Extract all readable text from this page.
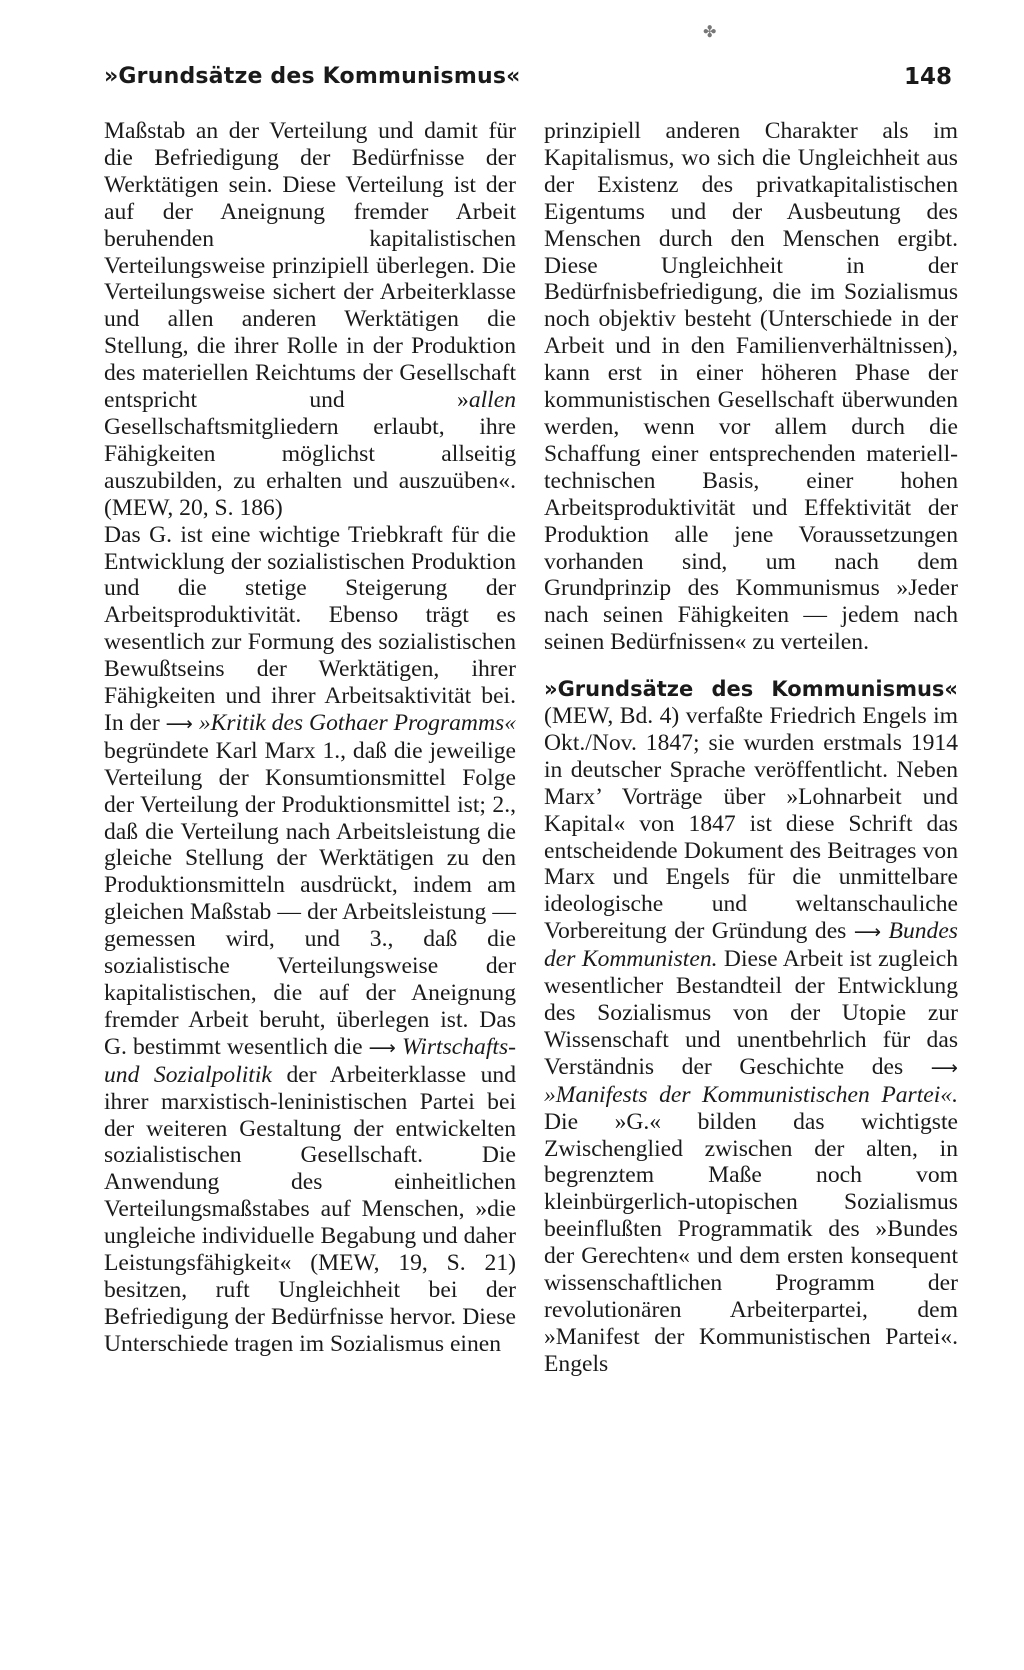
✤
»Grundsätze des Kommunismus«	148

Maßstab an der Verteilung und damit für die Befriedigung der Bedürfnisse der Werktätigen sein. Diese Verteilung ist der auf der Aneignung fremder Arbeit beruhenden kapitalistischen Verteilungsweise prinzipiell überlegen. Die Verteilungsweise sichert der Arbeiterklasse und allen anderen Werktätigen die Stellung, die ihrer Rolle in der Produktion des materiellen Reichtums der Gesellschaft entspricht und »allen Gesellschaftsmitgliedern erlaubt, ihre Fähigkeiten möglichst allseitig auszubilden, zu erhalten und auszuüben«. (MEW, 20, S. 186)

Das G. ist eine wichtige Triebkraft für die Entwicklung der sozialistischen Produktion und die stetige Steigerung der Arbeitsproduktivität. Ebenso trägt es wesentlich zur Formung des sozialistischen Bewußtseins der Werktätigen, ihrer Fähigkeiten und ihrer Arbeitsaktivität bei. In der ⟶ »Kritik des Gothaer Programms« begründete Karl Marx 1., daß die jeweilige Verteilung der Konsumtionsmittel Folge der Verteilung der Produktionsmittel ist; 2., daß die Verteilung nach Arbeitsleistung die gleiche Stellung der Werktätigen zu den Produktionsmitteln ausdrückt, indem am gleichen Maßstab — der Arbeitsleistung — gemessen wird, und 3., daß die sozialistische Verteilungsweise der kapitalistischen, die auf der Aneignung fremder Arbeit beruht, überlegen ist. Das G. bestimmt wesentlich die ⟶ Wirtschafts- und Sozialpolitik der Arbeiterklasse und ihrer marxistisch-leninistischen Partei bei der weiteren Gestaltung der entwickelten sozialistischen Gesellschaft. Die Anwendung des einheitlichen Verteilungsmaßstabes auf Menschen, »die ungleiche individuelle Begabung und daher Leistungsfähigkeit« (MEW, 19, S. 21) besitzen, ruft Ungleichheit bei der Befriedigung der Bedürfnisse hervor. Diese Unterschiede tragen im Sozialismus einen

prinzipiell anderen Charakter als im Kapitalismus, wo sich die Ungleichheit aus der Existenz des privatkapitalistischen Eigentums und der Ausbeutung des Menschen durch den Menschen ergibt. Diese Ungleichheit in der Bedürfnisbefriedigung, die im Sozialismus noch objektiv besteht (Unterschiede in der Arbeit und in den Familienverhältnissen), kann erst in einer höheren Phase der kommunistischen Gesellschaft überwunden werden, wenn vor allem durch die Schaffung einer entsprechenden materiell-technischen Basis, einer hohen Arbeitsproduktivität und Effektivität der Produktion alle jene Voraussetzungen vorhanden sind, um nach dem Grundprinzip des Kommunismus »Jeder nach seinen Fähigkeiten — jedem nach seinen Bedürfnissen« zu verteilen.

»Grundsätze des Kommunismus« (MEW, Bd. 4) verfaßte Friedrich Engels im Okt./Nov. 1847; sie wurden erstmals 1914 in deutscher Sprache veröffentlicht. Neben Marx’ Vorträge über »Lohnarbeit und Kapital« von 1847 ist diese Schrift das entscheidende Dokument des Beitrages von Marx und Engels für die unmittelbare ideologische und weltanschauliche Vorbereitung der Gründung des ⟶ Bundes der Kommunisten. Diese Arbeit ist zugleich wesentlicher Bestandteil der Entwicklung des Sozialismus von der Utopie zur Wissenschaft und unentbehrlich für das Verständnis der Geschichte des ⟶ »Manifests der Kommunistischen Partei«. Die »G.« bilden das wichtigste Zwischenglied zwischen der alten, in begrenztem Maße noch vom kleinbürgerlich-utopischen Sozialismus beeinflußten Programmatik des »Bundes der Gerechten« und dem ersten konsequent wissenschaftlichen Programm der revolutionären Arbeiterpartei, dem »Manifest der Kommunistischen Partei«. Engels
